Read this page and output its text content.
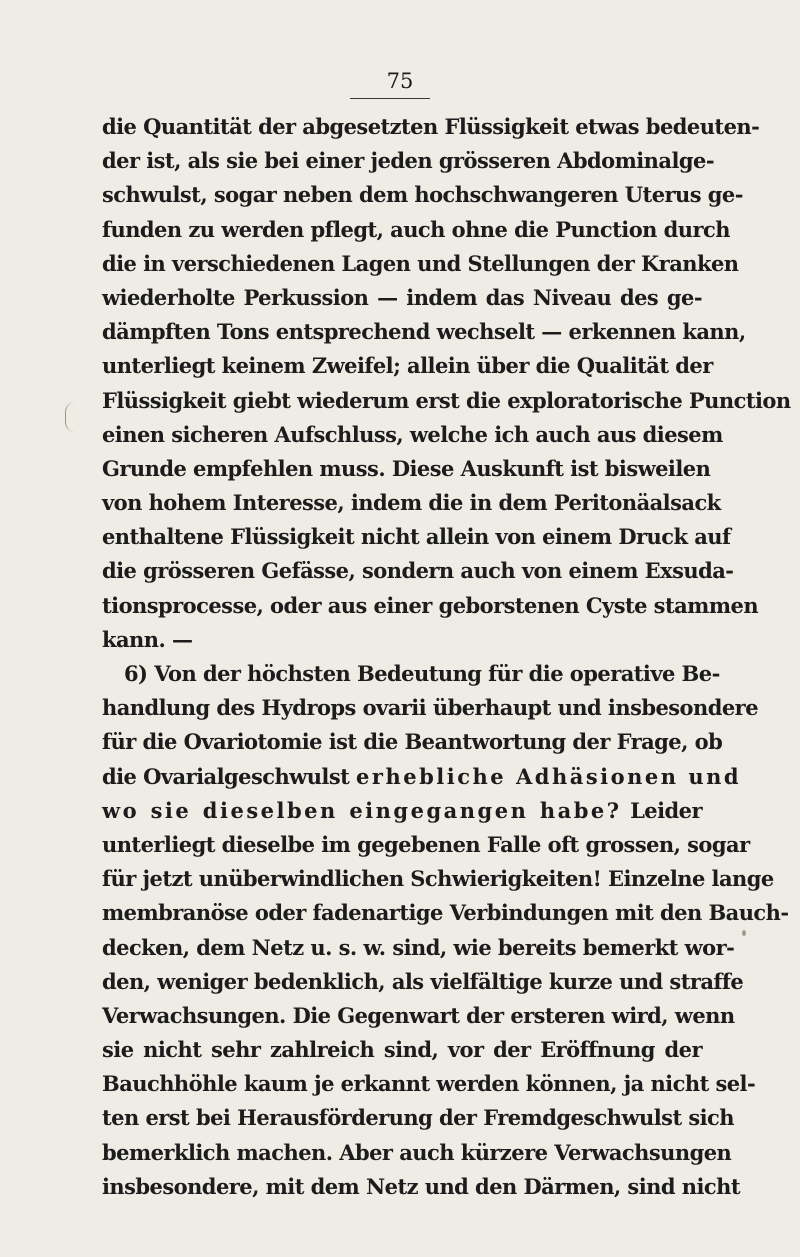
75
die Quantität der abgesetzten Flüssigkeit etwas bedeuten-
der ist, als sie bei einer jeden grösseren Abdominalge-
schwulst, sogar neben dem hochschwangeren Uterus ge-
funden zu werden pflegt, auch ohne die Punction durch
die in verschiedenen Lagen und Stellungen der Kranken
wiederholte Perkussion — indem das Niveau des ge-
dämpften Tons entsprechend wechselt — erkennen kann,
unterliegt keinem Zweifel; allein über die Qualität der
Flüssigkeit giebt wiederum erst die exploratorische Punction
einen sicheren Aufschluss, welche ich auch aus diesem
Grunde empfehlen muss. Diese Auskunft ist bisweilen
von hohem Interesse, indem die in dem Peritonäalsack
enthaltene Flüssigkeit nicht allein von einem Druck auf
die grösseren Gefässe, sondern auch von einem Exsuda-
tionsprocesse, oder aus einer geborstenen Cyste stammen
kann. —
6) Von der höchsten Bedeutung für die operative Be-
handlung des Hydrops ovarii überhaupt und insbesondere
für die Ovariotomie ist die Beantwortung der Frage, ob
die Ovarialgeschwulst erhebliche Adhäsionen und
wo sie dieselben eingegangen habe? Leider
unterliegt dieselbe im gegebenen Falle oft grossen, sogar
für jetzt unüberwindlichen Schwierigkeiten! Einzelne lange
membranöse oder fadenartige Verbindungen mit den Bauch-
decken, dem Netz u. s. w. sind, wie bereits bemerkt wor-
den, weniger bedenklich, als vielfältige kurze und straffe
Verwachsungen. Die Gegenwart der ersteren wird, wenn
sie nicht sehr zahlreich sind, vor der Eröffnung der
Bauchhöhle kaum je erkannt werden können, ja nicht sel-
ten erst bei Herausförderung der Fremdgeschwulst sich
bemerklich machen. Aber auch kürzere Verwachsungen
insbesondere, mit dem Netz und den Därmen, sind nicht
